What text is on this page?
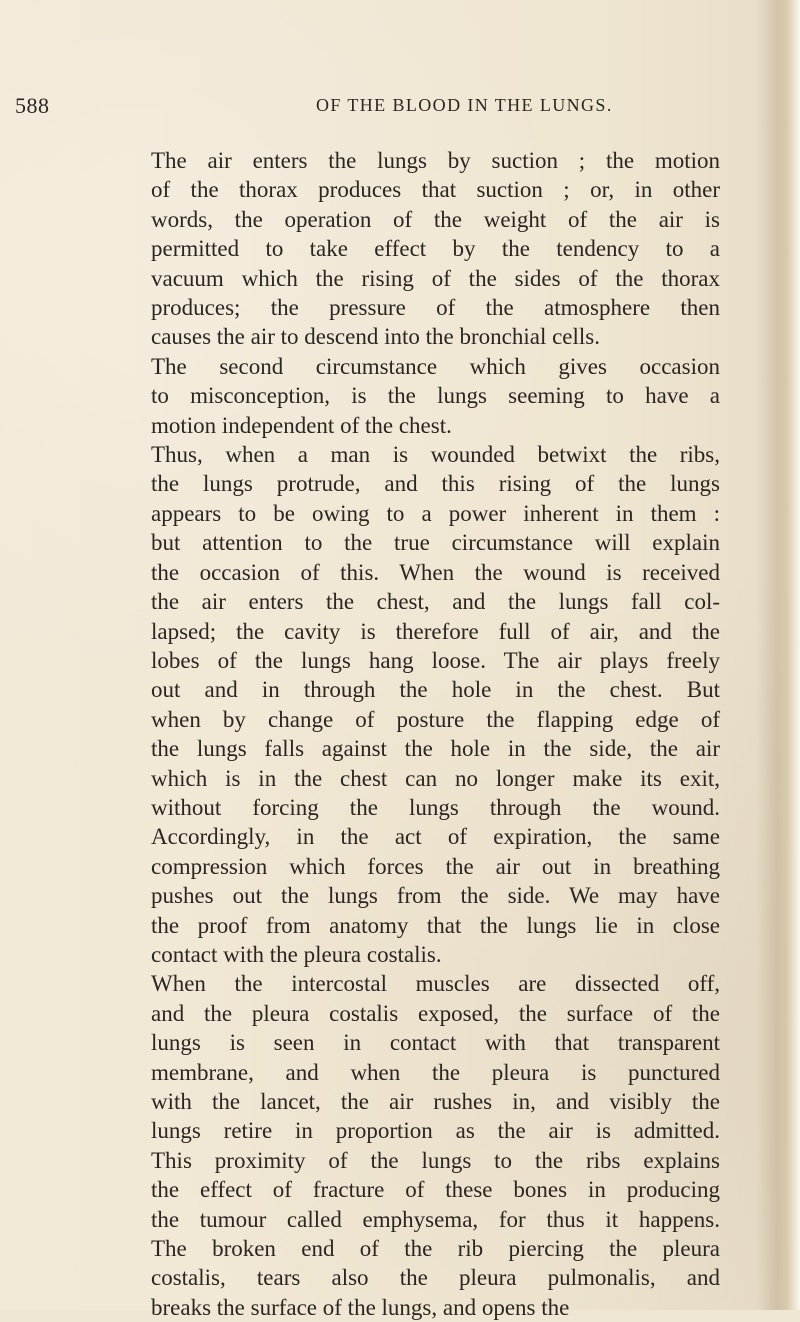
588	OF THE BLOOD IN THE LUNGS.
The air enters the lungs by suction ; the motion
of the thorax produces that suction ; or, in other
words, the operation of the weight of the air is
permitted to take effect by the tendency to a
vacuum which the rising of the sides of the thorax
produces; the pressure of the atmosphere then
causes the air to descend into the bronchial cells.
The second circumstance which gives occasion
to misconception, is the lungs seeming to have a
motion independent of the chest.
Thus, when a man is wounded betwixt the ribs,
the lungs protrude, and this rising of the lungs
appears to be owing to a power inherent in them :
but attention to the true circumstance will explain
the occasion of this. When the wound is received
the air enters the chest, and the lungs fall col-
lapsed; the cavity is therefore full of air, and the
lobes of the lungs hang loose. The air plays freely
out and in through the hole in the chest. But
when by change of posture the flapping edge of
the lungs falls against the hole in the side, the air
which is in the chest can no longer make its exit,
without forcing the lungs through the wound.
Accordingly, in the act of expiration, the same
compression which forces the air out in breathing
pushes out the lungs from the side. We may have
the proof from anatomy that the lungs lie in close
contact with the pleura costalis.
When the intercostal muscles are dissected off,
and the pleura costalis exposed, the surface of the
lungs is seen in contact with that transparent
membrane, and when the pleura is punctured
with the lancet, the air rushes in, and visibly the
lungs retire in proportion as the air is admitted.
This proximity of the lungs to the ribs explains
the effect of fracture of these bones in producing
the tumour called emphysema, for thus it happens.
The broken end of the rib piercing the pleura
costalis, tears also the pleura pulmonalis, and
breaks the surface of the lungs, and opens the
